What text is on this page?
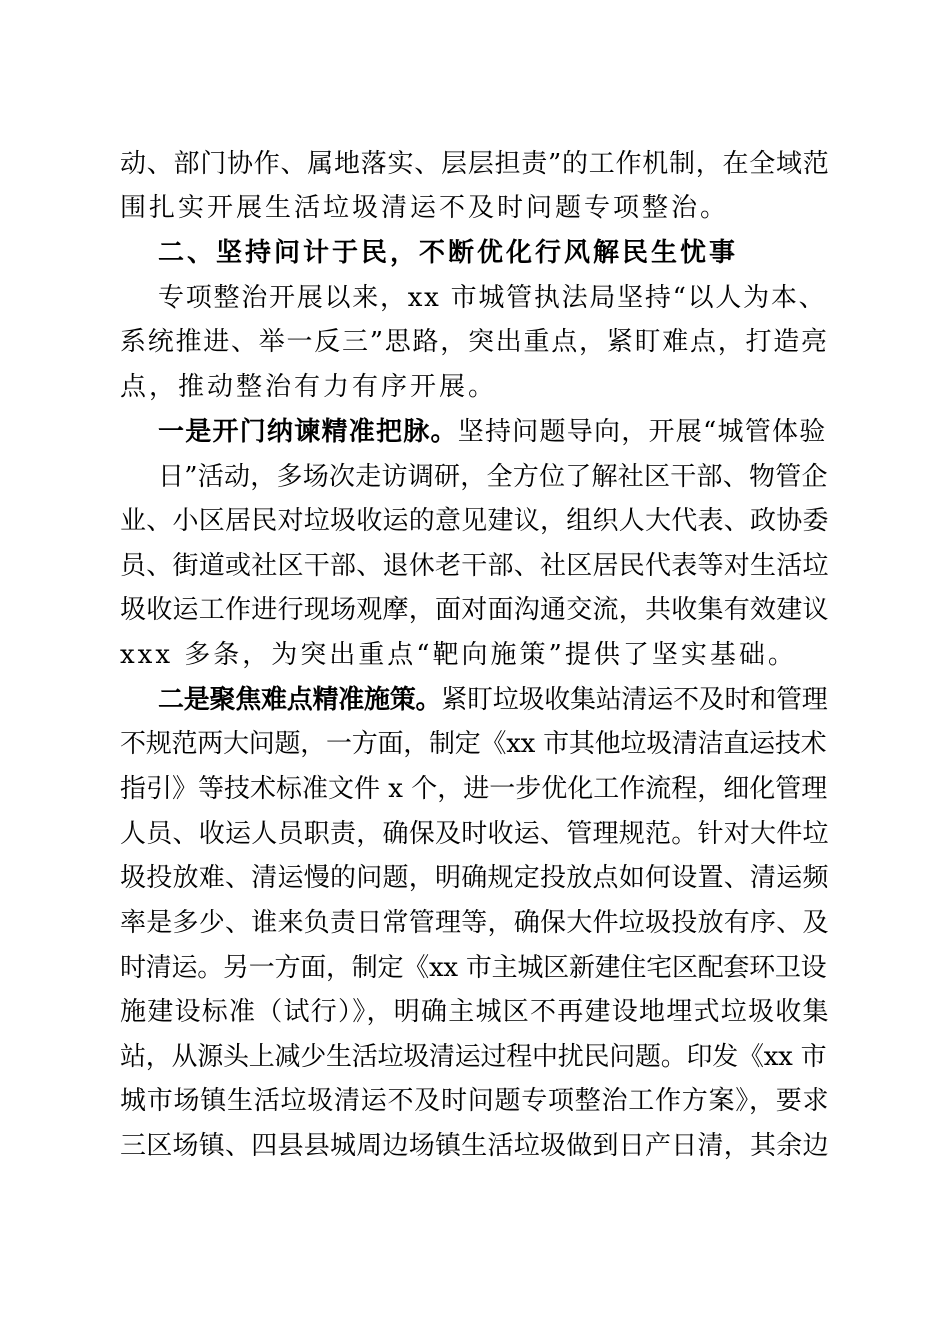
动、部门协作、属地落实、层层担责”的工作机制，在全域范
围扎实开展生活垃圾清运不及时问题专项整治。
二、坚持问计于民，不断优化行风解民生忧事
专项整治开展以来，xx 市城管执法局坚持“以人为本、
系统推进、举一反三”思路，突出重点，紧盯难点，打造亮
点，推动整治有力有序开展。
一是开门纳谏精准把脉。坚持问题导向，开展“城管体验
日”活动，多场次走访调研，全方位了解社区干部、物管企
业、小区居民对垃圾收运的意见建议，组织人大代表、政协委
员、街道或社区干部、退休老干部、社区居民代表等对生活垃
圾收运工作进行现场观摩，面对面沟通交流，共收集有效建议
xxx 多条，为突出重点“靶向施策”提供了坚实基础。
二是聚焦难点精准施策。紧盯垃圾收集站清运不及时和管理
不规范两大问题，一方面，制定《xx 市其他垃圾清洁直运技术
指引》等技术标准文件 x 个，进一步优化工作流程，细化管理
人员、收运人员职责，确保及时收运、管理规范。针对大件垃
圾投放难、清运慢的问题，明确规定投放点如何设置、清运频
率是多少、谁来负责日常管理等，确保大件垃圾投放有序、及
时清运。另一方面，制定《xx 市主城区新建住宅区配套环卫设
施建设标准（试行）》，明确主城区不再建设地埋式垃圾收集
站，从源头上减少生活垃圾清运过程中扰民问题。印发《xx 市
城市场镇生活垃圾清运不及时问题专项整治工作方案》，要求
三区场镇、四县县城周边场镇生活垃圾做到日产日清，其余边
